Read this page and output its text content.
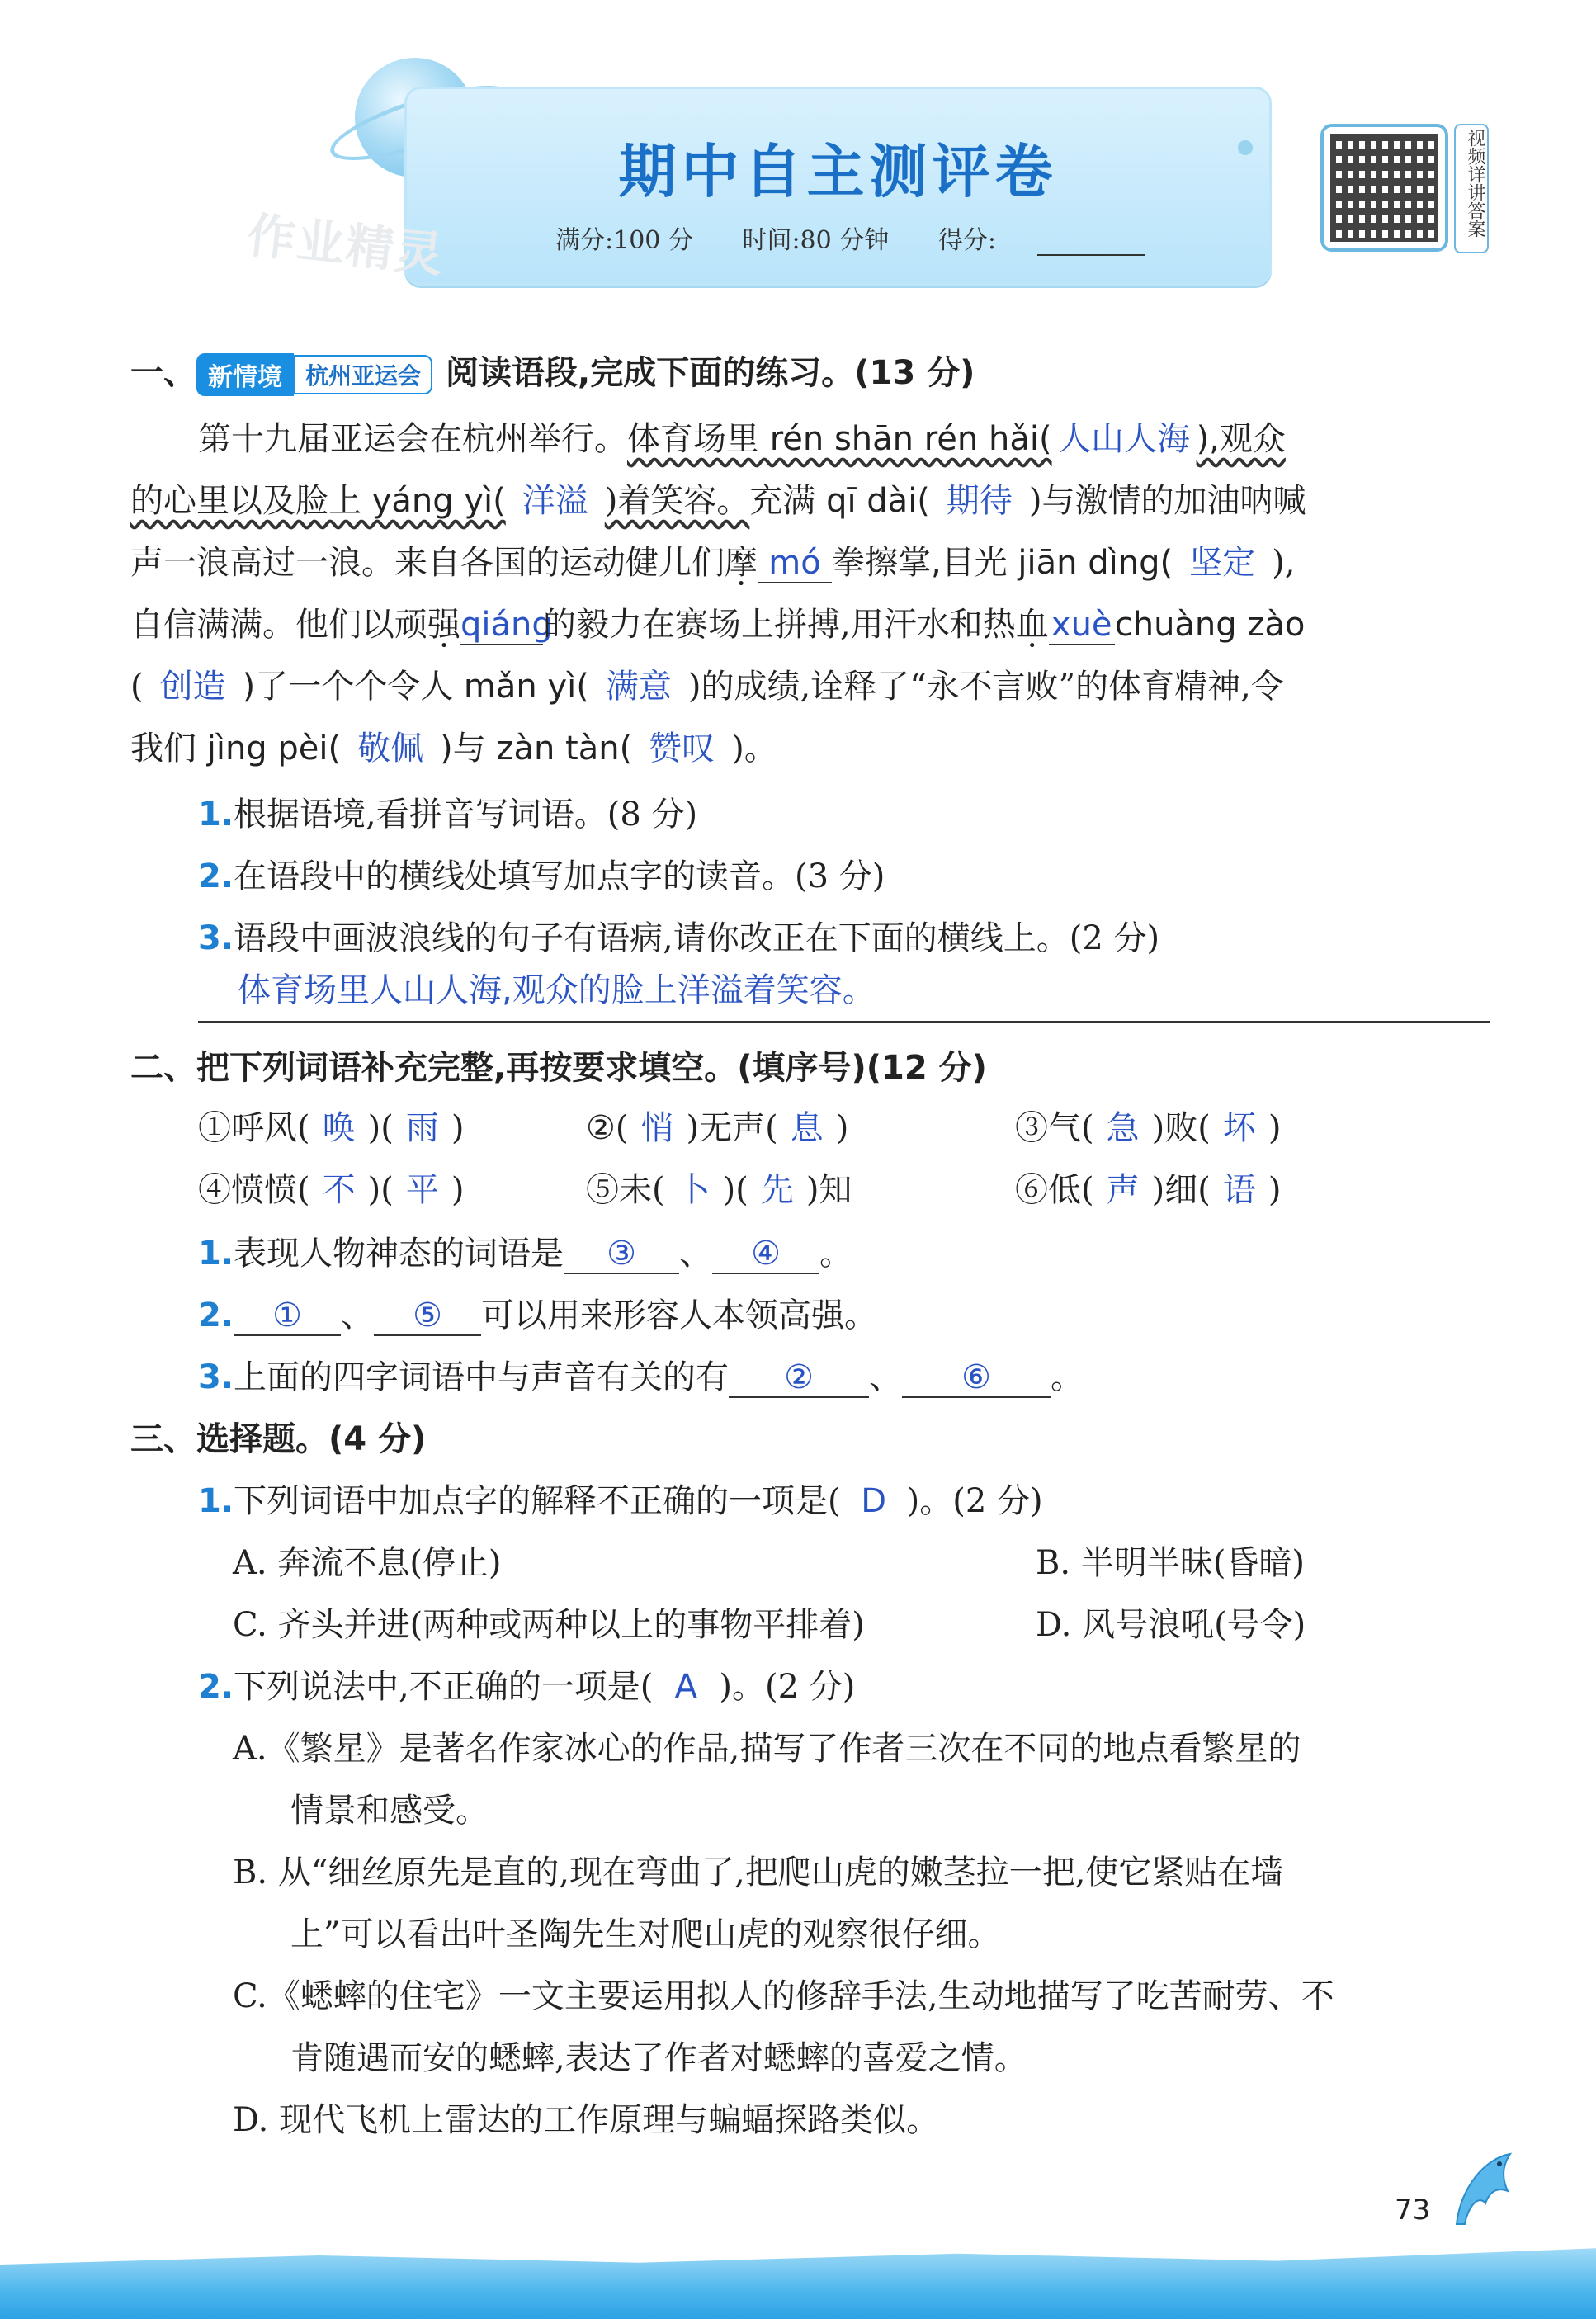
期中自主测评卷
满分:100 分 时间:80 分钟 得分:
作业精灵
视频详讲答案
一、 新情境 杭州亚运会 阅读语段,完成下面的练习。(13 分)
第十九届亚运会在杭州举行。体育场里 rén shān rén hǎi( 人山人海 ),观众
的心里以及脸上 yáng yì( 洋溢 )着笑容。充满 qī dài( 期待 )与激情的加油呐喊
声一浪高过一浪。来自各国的运动健儿们摩 mó 拳擦掌,目光 jiān dìng( 坚定 ),
自信满满。他们以顽强qiáng的毅力在赛场上拼搏,用汗水和热血xuèchuàng zào
( 创造 )了一个个令人 mǎn yì( 满意 )的成绩,诠释了“永不言败”的体育精神,令
我们 jìng pèi( 敬佩 )与 zàn tàn( 赞叹 )。
1.根据语境,看拼音写词语。(8 分)
2.在语段中的横线处填写加点字的读音。(3 分)
3.语段中画波浪线的句子有语病,请你改正在下面的横线上。(2 分)
体育场里人山人海,观众的脸上洋溢着笑容。
二、把下列词语补充完整,再按要求填空。(填序号)(12 分)
①呼风( 唤 )( 雨 )	②( 悄 )无声( 息 )	③气( 急 )败( 坏 )
④愤愤( 不 )( 平 )	⑤未( 卜 )( 先 )知	⑥低( 声 )细( 语 )
1.表现人物神态的词语是 ③ 、 ④ 。
2. ① 、 ⑤ 可以用来形容人本领高强。
3.上面的四字词语中与声音有关的有 ② 、 ⑥ 。
三、选择题。(4 分)
1.下列词语中加点字的解释不正确的一项是( D )。(2 分)
A. 奔流不息(停止)	B. 半明半昧(昏暗)
C. 齐头并进(两种或两种以上的事物平排着)	D. 风号浪吼(号令)
2.下列说法中,不正确的一项是( A )。(2 分)
A.《繁星》是著名作家冰心的作品,描写了作者三次在不同的地点看繁星的
情景和感受。
B. 从“细丝原先是直的,现在弯曲了,把爬山虎的嫩茎拉一把,使它紧贴在墙
上”可以看出叶圣陶先生对爬山虎的观察很仔细。
C.《蟋蟀的住宅》一文主要运用拟人的修辞手法,生动地描写了吃苦耐劳、不
肯随遇而安的蟋蟀,表达了作者对蟋蟀的喜爱之情。
D. 现代飞机上雷达的工作原理与蝙蝠探路类似。
73
